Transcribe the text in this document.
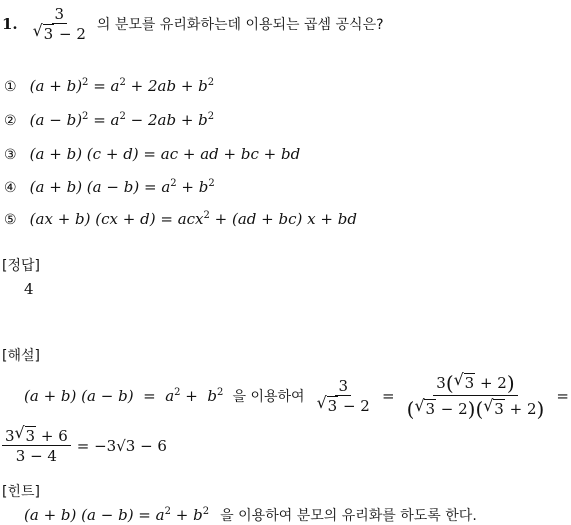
1. $\frac{3}{√ 3 - 2}$ 의 분모를 유리화하는데 이용되는 곱셈 공식은?
① $(a + b)^2 = a^2 + 2ab + b^2$
② $(a - b)^2 = a^2 - 2ab + b^2$
③ (a + b) (c + d) = ac + ad + bc + bd
④ (a + b) $(a - b) = a^2 + b^2$
⑤ (ax + b) (cx + d) = acx$^2$ + (ad + bc) x + bd
[정답]
4
[해설]
(a + b) $(a - b) = a^2 + b^2$ 을 이용하여 $\frac{3}{√ 3 - 2} = \frac{3( √ 3 + 2)}{( √ 3 - 2)( √ 3 + 2)}$ =
$\frac{3 √ 3 + 6}{3 - 4} = -3√3 - 6$
[힌트]
(a + b) $(a - b) = a^2 + b^2$ 을 이용하여 분모의 유리화를 하도록 한다.
